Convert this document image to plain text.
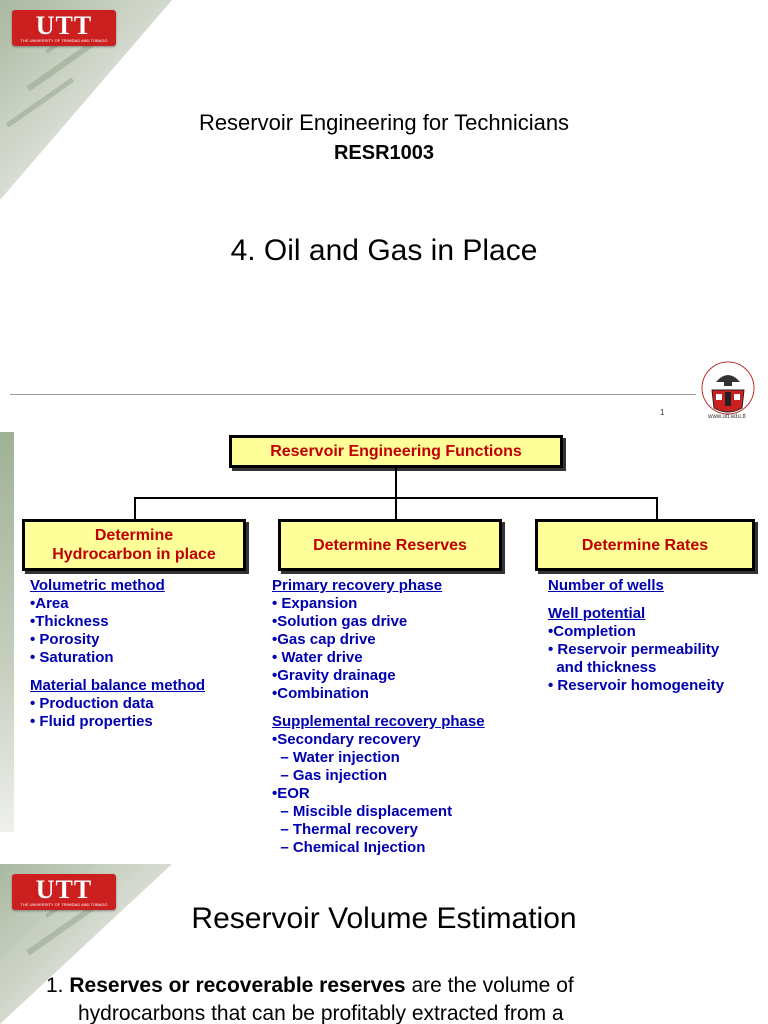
UTT
THE UNIVERSITY OF TRINIDAD AND TOBAGO
Reservoir Engineering for Technicians
RESR1003
4. Oil and Gas in Place
1	www.utt.edu.tt
Reservoir Engineering Functions
Determine
Hydrocarbon in place
Determine Reserves	Determine Rates
Volumetric method
•Area
•Thickness
• Porosity
• Saturation
Material balance method
• Production data
• Fluid properties
Primary recovery phase
• Expansion
•Solution gas drive
•Gas cap drive
• Water drive
•Gravity drainage
•Combination
Supplemental recovery phase
•Secondary recovery
– Water injection
– Gas injection
•EOR
– Miscible displacement
– Thermal recovery
– Chemical Injection
Number of wells
Well potential
•Completion
• Reservoir permeability
and thickness
• Reservoir homogeneity
UTT
THE UNIVERSITY OF TRINIDAD AND TOBAGO	Reservoir Volume Estimation
1. Reserves or recoverable reserves are the volume of
hydrocarbons that can be profitably extracted from a
